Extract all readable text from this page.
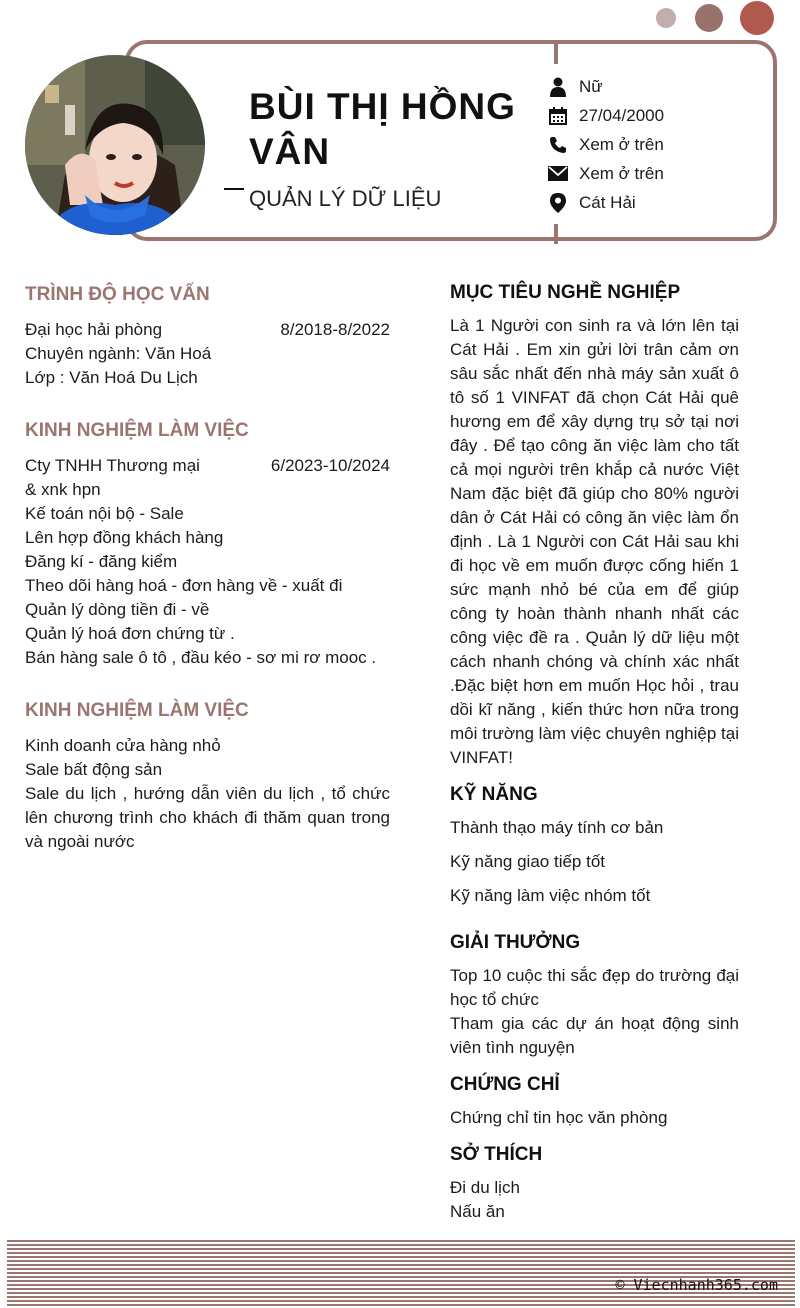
BÙI THỊ HỒNG VÂN
QUẢN LÝ DỮ LIỆU
Nữ
27/04/2000
Xem ở trên
Xem ở trên
Cát Hải
TRÌNH ĐỘ HỌC VẤN
Đại học hải phòng	8/2018-8/2022
Chuyên ngành: Văn Hoá
Lớp : Văn Hoá Du Lịch
KINH NGHIỆM LÀM VIỆC
Cty TNHH Thương mại	6/2023-10/2024
& xnk hpn
Kế toán nội bộ - Sale
Lên hợp đồng khách hàng
Đăng kí - đăng kiểm
Theo dõi hàng hoá - đơn hàng về - xuất đi
Quản lý dòng tiền đi - về
Quản lý hoá đơn chứng từ .
Bán hàng sale ô tô , đầu kéo - sơ mi rơ mooc .
KINH NGHIỆM LÀM VIỆC
Kinh doanh cửa hàng nhỏ
Sale bất động sản
Sale du lịch , hướng dẫn viên du lịch , tổ chức lên chương trình cho khách đi thăm quan trong và ngoài nước
MỤC TIÊU NGHỀ NGHIỆP
Là 1 Người con sinh ra và lớn lên tại Cát Hải . Em xin gửi lời trân cảm ơn sâu sắc nhất đến nhà máy sản xuất ô tô số 1 VINFAT đã chọn Cát Hải quê hương em để xây dựng trụ sở tại nơi đây . Để tạo công ăn việc làm cho tất cả mọi người trên khắp cả nước Việt Nam đặc biệt đã giúp cho 80% người dân ở Cát Hải có công ăn việc làm ổn định . Là 1 Người con Cát Hải sau khi đi học về em muốn được cống hiến 1 sức mạnh nhỏ bé của em để giúp công ty hoàn thành nhanh nhất các công việc đề ra . Quản lý dữ liệu một cách nhanh chóng và chính xác nhất .Đặc biệt hơn em muốn Học hỏi , trau dồi kĩ năng , kiến thức hơn nữa trong môi trường làm việc chuyên nghiệp tại VINFAT!
KỸ NĂNG
Thành thạo máy tính cơ bản
Kỹ năng giao tiếp tốt
Kỹ năng làm việc nhóm tốt
GIẢI THƯỞNG
Top 10 cuộc thi sắc đẹp do trường đại học tổ chức
Tham gia các dự án hoạt động sinh viên tình nguyện
CHỨNG CHỈ
Chứng chỉ tin học văn phòng
SỞ THÍCH
Đi du lịch
Nấu ăn
© Viecnhanh365.com
